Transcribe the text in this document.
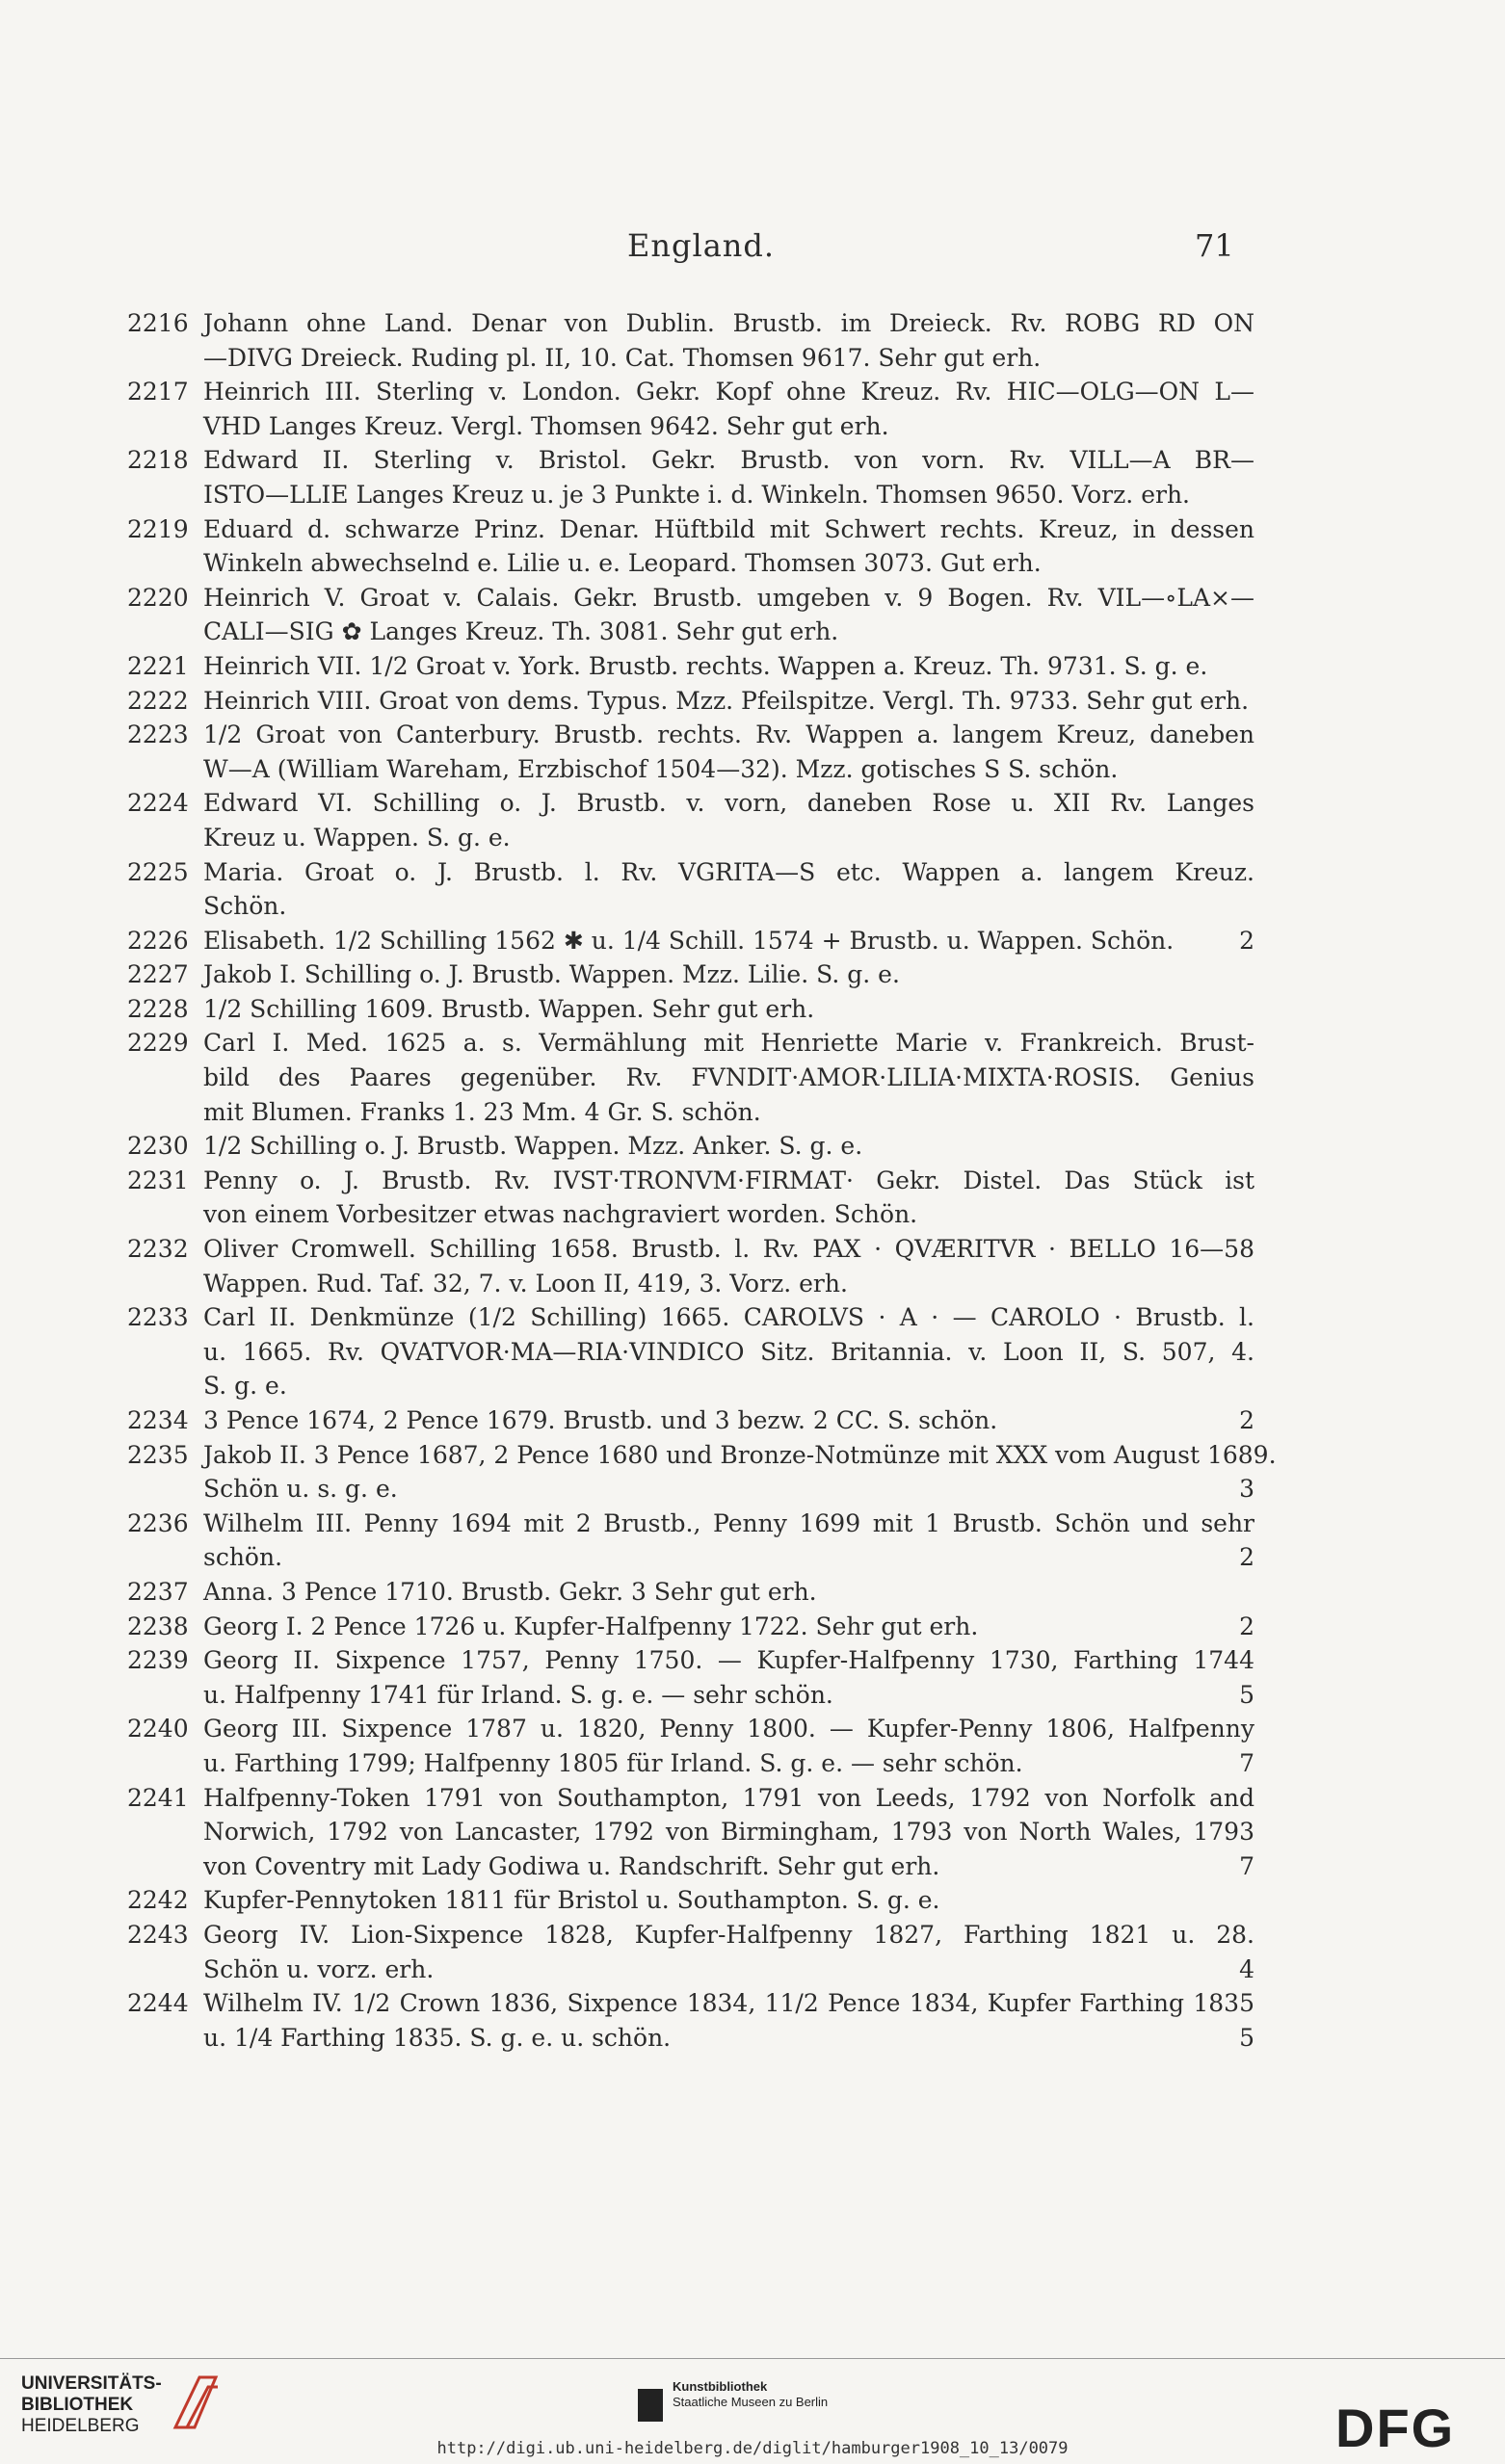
England.	71
2216 Johann ohne Land. Denar von Dublin. Brustb. im Dreieck. Rv. ROBG RD ON
—DIVG Dreieck. Ruding pl. II, 10. Cat. Thomsen 9617. Sehr gut erh.
2217 Heinrich III. Sterling v. London. Gekr. Kopf ohne Kreuz. Rv. HIC—OLG—ON L—
VHD Langes Kreuz. Vergl. Thomsen 9642. Sehr gut erh.
2218 Edward II. Sterling v. Bristol. Gekr. Brustb. von vorn. Rv. VILL—A BR—
ISTO—LLIE Langes Kreuz u. je 3 Punkte i. d. Winkeln. Thomsen 9650. Vorz. erh.
2219 Eduard d. schwarze Prinz. Denar. Hüftbild mit Schwert rechts. Kreuz, in dessen
Winkeln abwechselnd e. Lilie u. e. Leopard. Thomsen 3073. Gut erh.
2220 Heinrich V. Groat v. Calais. Gekr. Brustb. umgeben v. 9 Bogen. Rv. VIL—∘LA×—
CALI—SIG ✿ Langes Kreuz. Th. 3081. Sehr gut erh.
2221 Heinrich VII. 1/2 Groat v. York. Brustb. rechts. Wappen a. Kreuz. Th. 9731. S. g. e.
2222 Heinrich VIII. Groat von dems. Typus. Mzz. Pfeilspitze. Vergl. Th. 9733. Sehr gut erh.
2223 1/2 Groat von Canterbury. Brustb. rechts. Rv. Wappen a. langem Kreuz, daneben
W—A (William Wareham, Erzbischof 1504—32). Mzz. gotisches S S. schön.
2224 Edward VI. Schilling o. J. Brustb. v. vorn, daneben Rose u. XII Rv. Langes
Kreuz u. Wappen. S. g. e.
2225 Maria. Groat o. J. Brustb. l. Rv. VGRITA—S etc. Wappen a. langem Kreuz.
Schön.
2226 Elisabeth. 1/2 Schilling 1562 ✱ u. 1/4 Schill. 1574 + Brustb. u. Wappen. Schön.	2
2227 Jakob I. Schilling o. J. Brustb. Wappen. Mzz. Lilie. S. g. e.
2228 1/2 Schilling 1609. Brustb. Wappen. Sehr gut erh.
2229 Carl I. Med. 1625 a. s. Vermählung mit Henriette Marie v. Frankreich. Brust-
bild des Paares gegenüber. Rv. FVNDIT·AMOR·LILIA·MIXTA·ROSIS. Genius
mit Blumen. Franks 1. 23 Mm. 4 Gr. S. schön.
2230 1/2 Schilling o. J. Brustb. Wappen. Mzz. Anker. S. g. e.
2231 Penny o. J. Brustb. Rv. IVST·TRONVM·FIRMAT· Gekr. Distel. Das Stück ist
von einem Vorbesitzer etwas nachgraviert worden. Schön.
2232 Oliver Cromwell. Schilling 1658. Brustb. l. Rv. PAX · QVÆRITVR · BELLO 16—58
Wappen. Rud. Taf. 32, 7. v. Loon II, 419, 3. Vorz. erh.
2233 Carl II. Denkmünze (1/2 Schilling) 1665. CAROLVS · A · — CAROLO · Brustb. l.
u. 1665. Rv. QVATVOR·MA—RIA·VINDICO Sitz. Britannia. v. Loon II, S. 507, 4.
S. g. e.
2234 3 Pence 1674, 2 Pence 1679. Brustb. und 3 bezw. 2 CC. S. schön.	2
2235 Jakob II. 3 Pence 1687, 2 Pence 1680 und Bronze-Notmünze mit XXX vom August 1689.
Schön u. s. g. e.	3
2236 Wilhelm III. Penny 1694 mit 2 Brustb., Penny 1699 mit 1 Brustb. Schön und sehr
schön.	2
2237 Anna. 3 Pence 1710. Brustb. Gekr. 3 Sehr gut erh.
2238 Georg I. 2 Pence 1726 u. Kupfer-Halfpenny 1722. Sehr gut erh.	2
2239 Georg II. Sixpence 1757, Penny 1750. — Kupfer-Halfpenny 1730, Farthing 1744
u. Halfpenny 1741 für Irland. S. g. e. — sehr schön.	5
2240 Georg III. Sixpence 1787 u. 1820, Penny 1800. — Kupfer-Penny 1806, Halfpenny
u. Farthing 1799; Halfpenny 1805 für Irland. S. g. e. — sehr schön.	7
2241 Halfpenny-Token 1791 von Southampton, 1791 von Leeds, 1792 von Norfolk and
Norwich, 1792 von Lancaster, 1792 von Birmingham, 1793 von North Wales, 1793
von Coventry mit Lady Godiwa u. Randschrift. Sehr gut erh.	7
2242 Kupfer-Pennytoken 1811 für Bristol u. Southampton. S. g. e.
2243 Georg IV. Lion-Sixpence 1828, Kupfer-Halfpenny 1827, Farthing 1821 u. 28.
Schön u. vorz. erh.	4
2244 Wilhelm IV. 1/2 Crown 1836, Sixpence 1834, 11/2 Pence 1834, Kupfer Farthing 1835
u. 1/4 Farthing 1835. S. g. e. u. schön.	5
UNIVERSITÄTS-
BIBLIOTHEK
HEIDELBERG
Kunstbibliothek
Staatliche Museen zu Berlin	DFG
http://digi.ub.uni-heidelberg.de/diglit/hamburger1908_10_13/0079
